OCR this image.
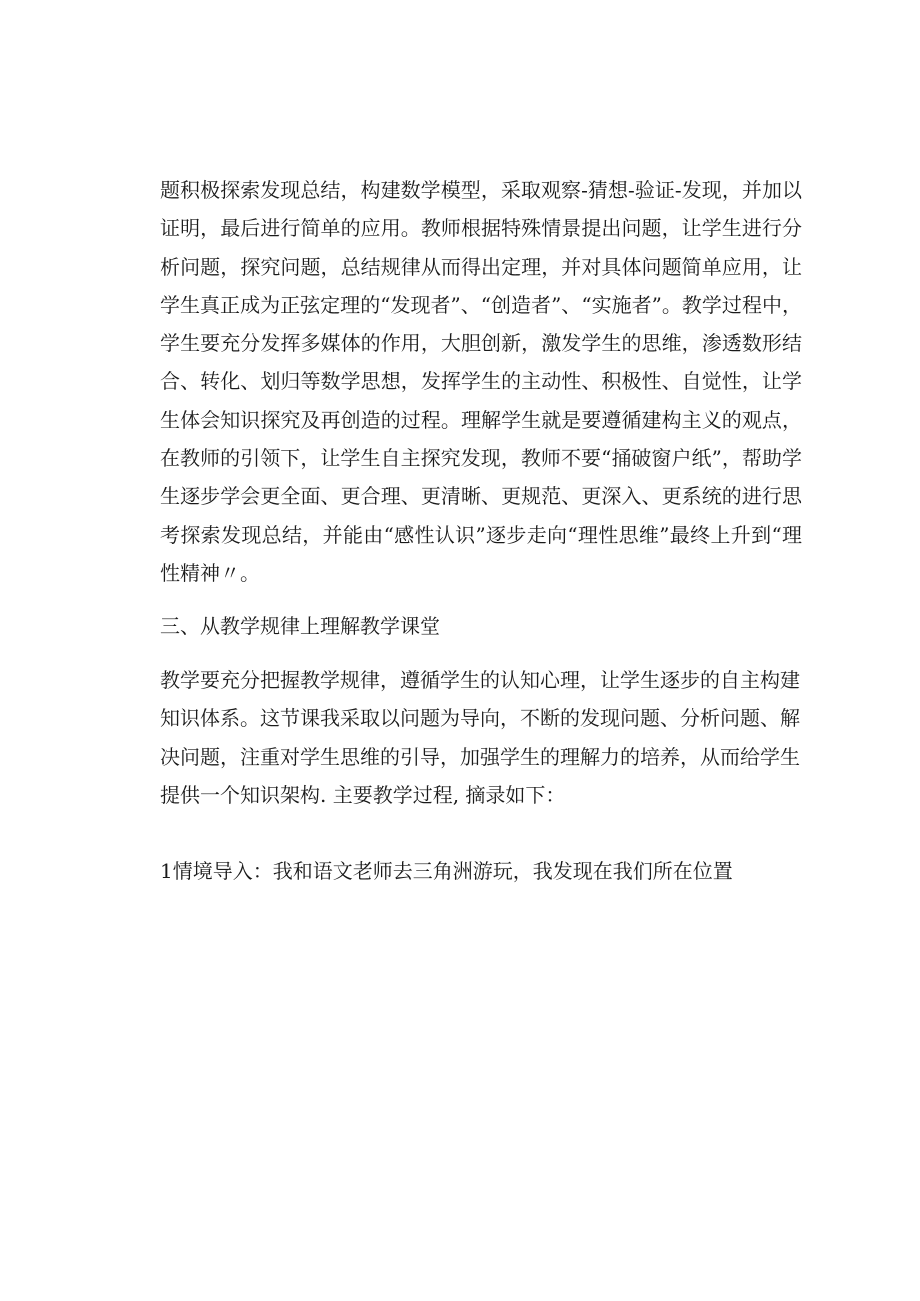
题积极探索发现总结，构建数学模型，采取观察-猜想-验证-发现，并加以证明，最后进行简单的应用。教师根据特殊情景提出问题，让学生进行分析问题，探究问题，总结规律从而得出定理，并对具体问题简单应用，让学生真正成为正弦定理的“发现者”、“创造者”、“实施者”。教学过程中，学生要充分发挥多媒体的作用，大胆创新，激发学生的思维，渗透数形结合、转化、划归等数学思想，发挥学生的主动性、积极性、自觉性，让学生体会知识探究及再创造的过程。理解学生就是要遵循建构主义的观点，在教师的引领下，让学生自主探究发现，教师不要“捅破窗户纸”，帮助学生逐步学会更全面、更合理、更清晰、更规范、更深入、更系统的进行思考探索发现总结，并能由“感性认识”逐步走向“理性思维”最终上升到“理性精神〃。

三、从教学规律上理解教学课堂

教学要充分把握教学规律，遵循学生的认知心理，让学生逐步的自主构建知识体系。这节课我采取以问题为导向，不断的发现问题、分析问题、解决问题，注重对学生思维的引导，加强学生的理解力的培养，从而给学生提供一个知识架构. 主要教学过程, 摘录如下：

1情境导入：我和语文老师去三角洲游玩，我发现在我们所在位置
